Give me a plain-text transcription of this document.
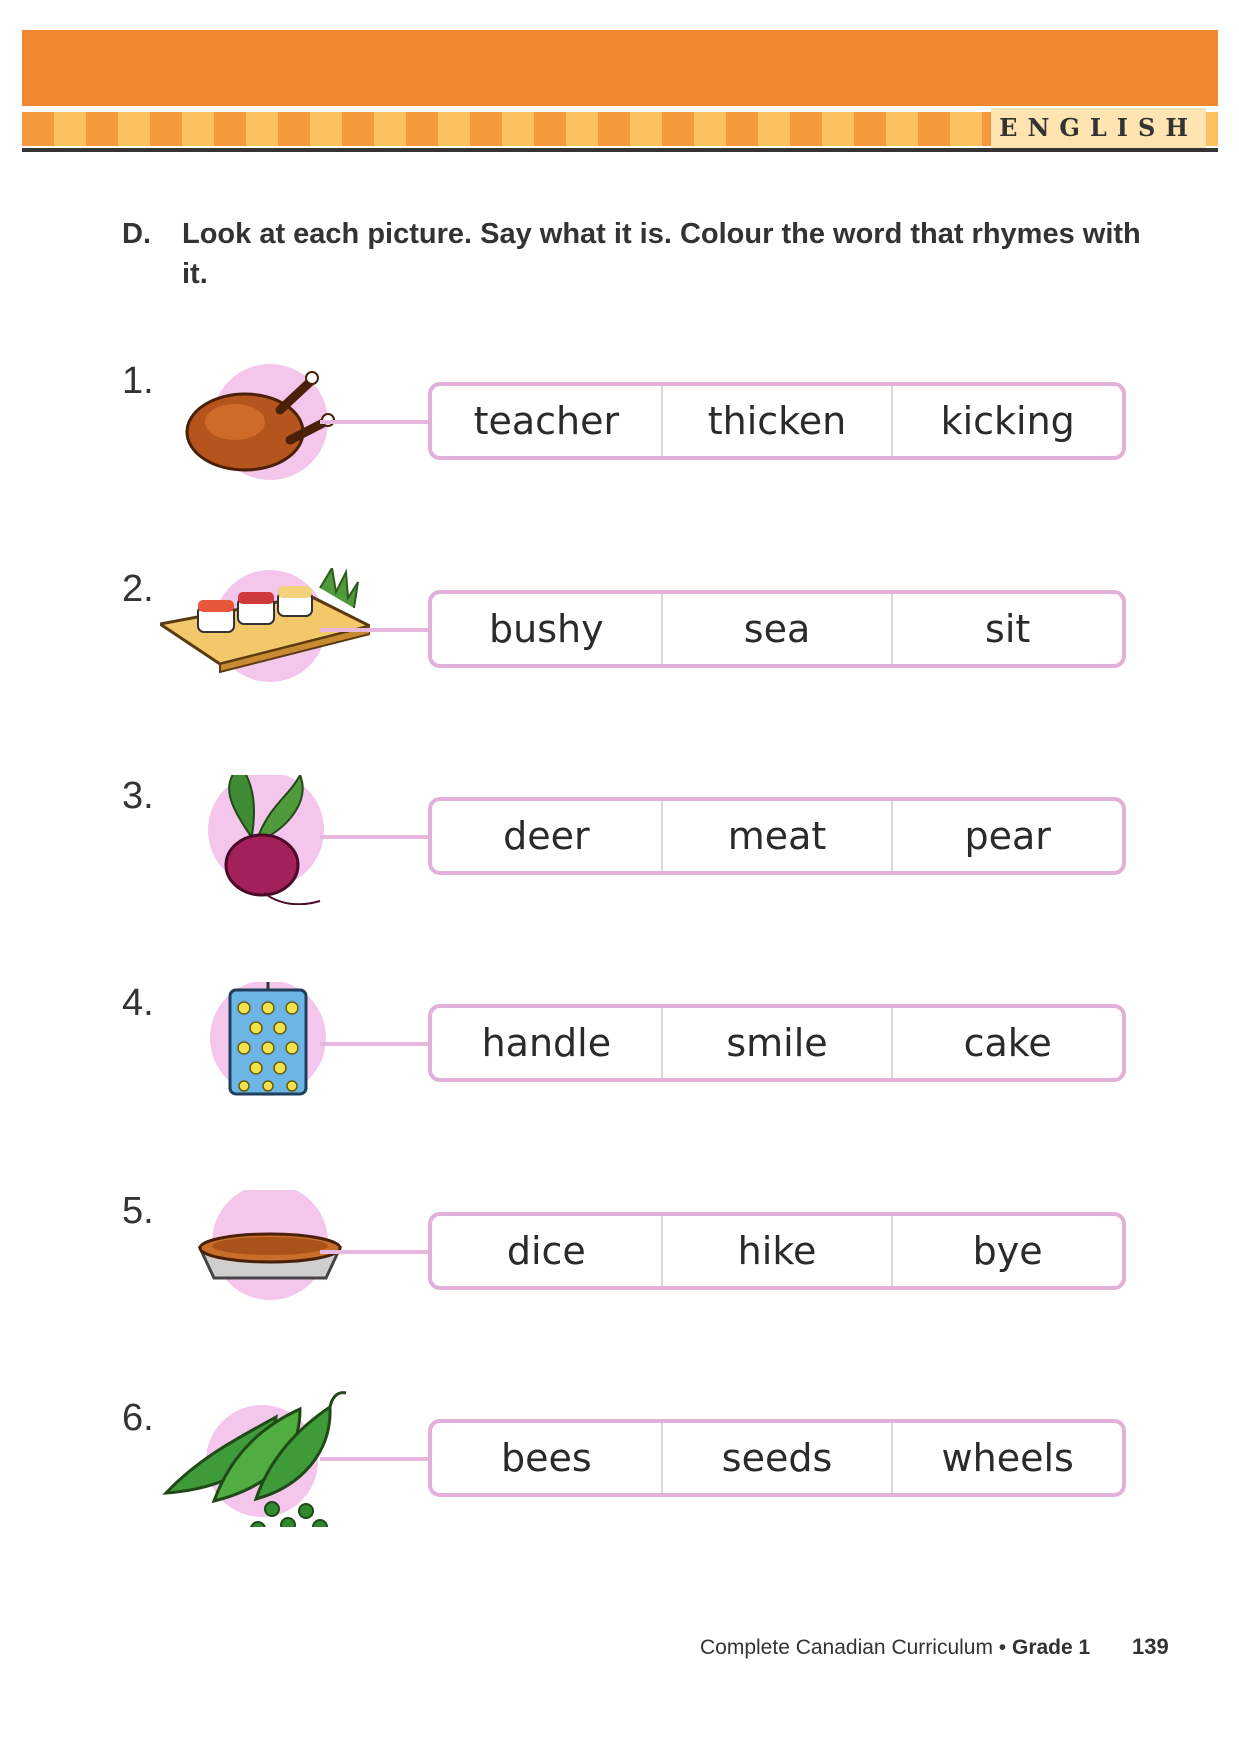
ENGLISH
D. Look at each picture. Say what it is. Colour the word that rhymes with it.
1.
teacher	thicken	kicking
2.
bushy	sea	sit
3.
deer	meat	pear
4.
handle	smile	cake
5.
dice	hike	bye
6.
bees	seeds	wheels
Complete Canadian Curriculum • Grade 1 139
